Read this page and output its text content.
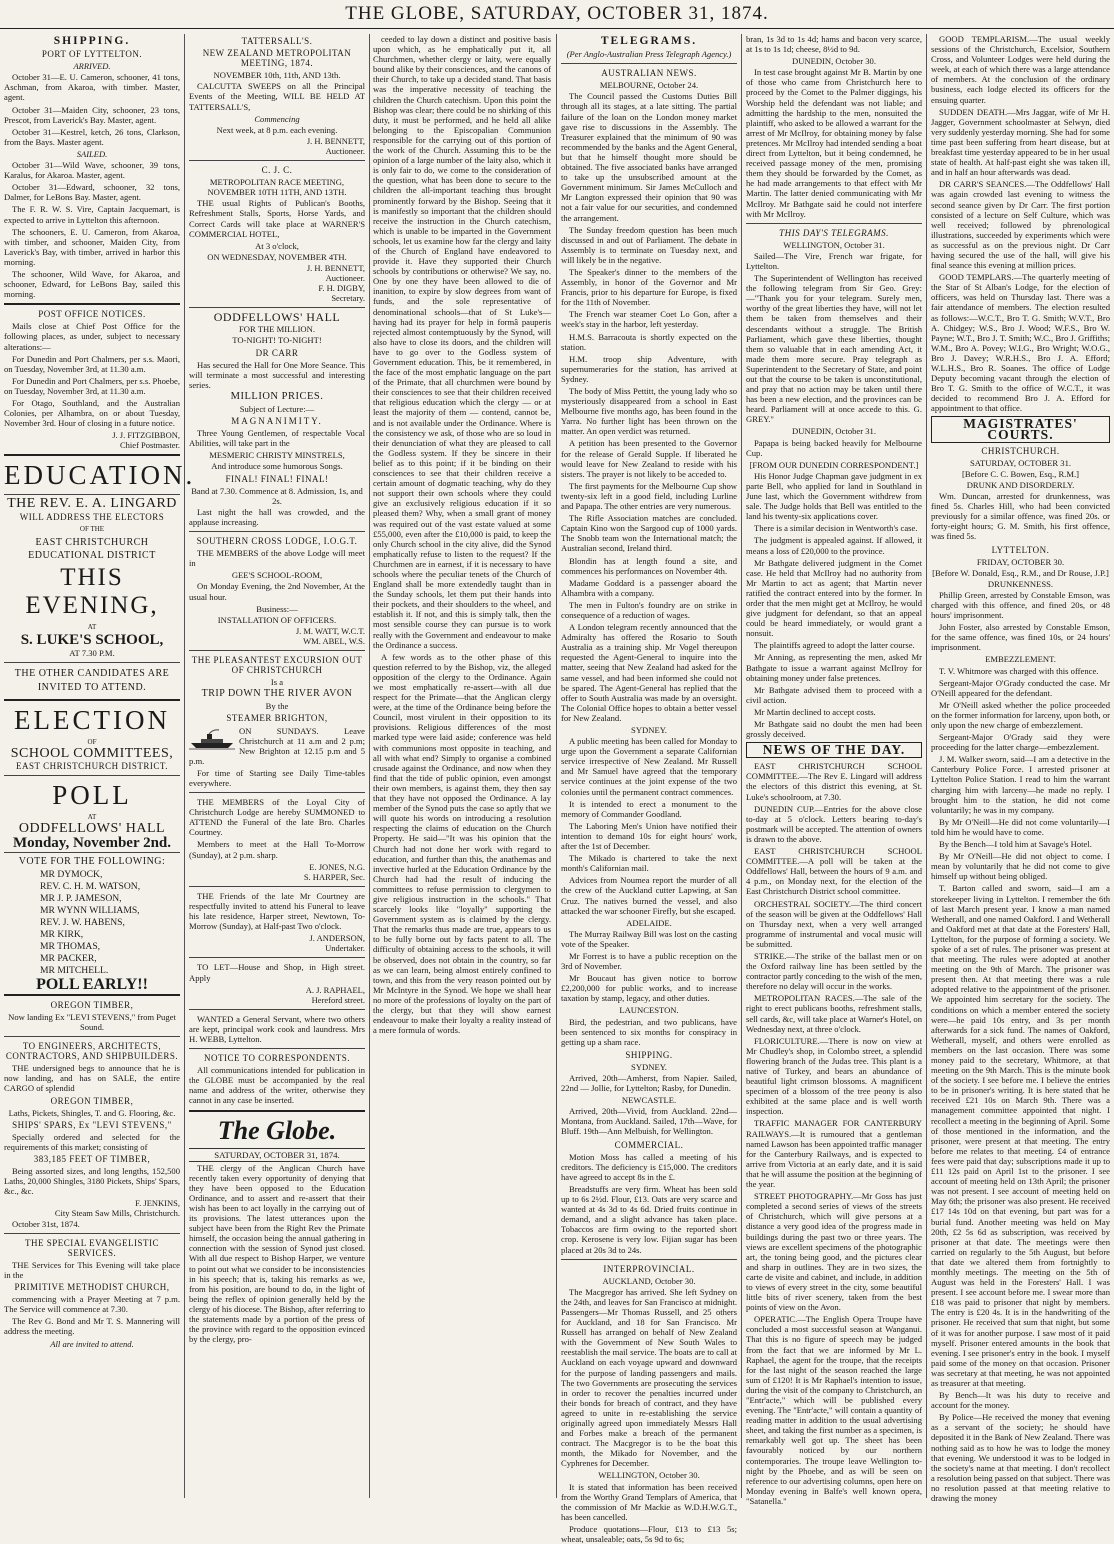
THE GLOBE, SATURDAY, OCTOBER 31, 1874.
SHIPPING.
PORT OF LYTTELTON.
ARRIVED.

October 31—E. U. Cameron, schooner, 41 tons, Aschman, from Akaroa, with timber. Master, agent.

October 31—Maiden City, schooner, 23 tons, Prescot, from Laverick's Bay. Master, agent.

October 31—Kestrel, ketch, 26 tons, Clarkson, from the Bays. Master agent.

SAILED.

October 31—Wild Wave, schooner, 39 tons, Karalus, for Akaroa. Master, agent.

October 31—Edward, schooner, 32 tons, Dalmer, for LeBons Bay. Master, agent.

The F. R. W. S. Vire, Captain Jacquemart, is expected to arrive in Lyttelton this afternoon.

The schooners, E. U. Cameron, from Akaroa, with timber, and schooner, Maiden City, from Laverick's Bay, with timber, arrived in harbor this morning.

The schooner, Wild Wave, for Akaroa, and schooner, Edward, for LeBons Bay, sailed this morning.

POST OFFICE NOTICES.

Mails close at Chief Post Office for the following places, as under, subject to necessary alterations:—

For Dunedin and Port Chalmers, per s.s. Maori, on Tuesday, November 3rd, at 11.30 a.m.

For Dunedin and Port Chalmers, per s.s. Phoebe, on Tuesday, November 3rd, at 11.30 a.m.

For Otago, Southland, and the Australian Colonies, per Alhambra, on or about Tuesday, November 3rd. Hour of closing in a future notice.

J. J. FITZGIBBON,
Chief Postmaster.
EDUCATION.
THE REV. E. A. LINGARD
WILL ADDRESS THE ELECTORS
OF THE
EAST CHRISTCHURCH EDUCATIONAL DISTRICT
THIS EVENING,
AT
S. LUKE'S SCHOOL,
AT 7.30 P.M.
THE OTHER CANDIDATES ARE INVITED TO ATTEND.
ELECTION
OF
SCHOOL COMMITTEES,
EAST CHRISTCHURCH DISTRICT.
POLL
AT
ODDFELLOWS' HALL
Monday, November 2nd.
VOTE FOR THE FOLLOWING:
MR DYMOCK,
REV. C. H. M. WATSON,
MR J. P. JAMESON,
MR WYNN WILLIAMS,
REV. J. W. HABENS,
MR KIRK,
MR THOMAS,
MR PACKER,
MR MITCHELL.
POLL EARLY!!
OREGON TIMBER,
Now landing Ex "LEVI STEVENS," from Puget Sound.
TO ENGINEERS, ARCHITECTS, CONTRACTORS, AND SHIPBUILDERS.

THE undersigned begs to announce that he is now landing, and has on SALE, the entire CARGO of splendid

OREGON TIMBER,
Laths, Pickets, Shingles, T. and G. Flooring, &c.
SHIPS' SPARS, Ex "LEVI STEVENS,"

Specially ordered and selected for the requirements of this market; consisting of

383,185 FEET OF TIMBER,

Being assorted sizes, and long lengths, 152,500 Laths, 20,000 Shingles, 3180 Pickets, Ships' Spars, &c., &c.

F. JENKINS,
City Steam Saw Mills, Christchurch.

October 31st, 1874.

THE SPECIAL EVANGELISTIC SERVICES.

THE Services for This Evening will take place in the

PRIMITIVE METHODIST CHURCH,

commencing with a Prayer Meeting at 7 p.m. The Service will commence at 7.30.

The Rev G. Bond and Mr T. S. Mannering will address the meeting.

All are invited to attend.
TATTERSALL'S.
NEW ZEALAND METROPOLITAN MEETING, 1874.
NOVEMBER 10th, 11th, AND 13th.

CALCUTTA SWEEPS on all the Principal Events of the Meeting, WILL BE HELD AT TATTERSALL'S,

Commencing
Next week, at 8 p.m. each evening.
J. H. BENNETT,
Auctioneer.
C. J. C.
METROPOLITAN RACE MEETING, NOVEMBER 10TH 11TH, AND 13TH.

THE usual Rights of Publican's Booths, Refreshment Stalls, Sports, Horse Yards, and Correct Cards will take place at WARNER'S COMMERCIAL HOTEL,

At 3 o'clock,
ON WEDNESDAY, NOVEMBER 4TH.
J. H. BENNETT,
Auctioneer.
F. H. DIGBY,
Secretary.
ODDFELLOWS' HALL
FOR THE MILLION.
TO-NIGHT! TO-NIGHT!
DR CARR

Has secured the Hall for One More Seance. This will terminate a most successful and interesting series.

MILLION PRICES.
Subject of Lecture:—
MAGNANIMITY.

Three Young Gentlemen, of respectable Vocal Abilities, will take part in the

MESMERIC CHRISTY MINSTRELS,
And introduce some humorous Songs.
FINAL! FINAL! FINAL!
Band at 7.30. Commence at 8. Admission, 1s, and 2s.

Last night the hall was crowded, and the applause increasing.

SOUTHERN CROSS LODGE, I.O.G.T.

THE MEMBERS of the above Lodge will meet in

GEE'S SCHOOL-ROOM,

On Monday Evening, the 2nd November, At the usual hour.

Business:—
INSTALLATION OF OFFICERS.
J. M. WATT, W.C.T.
WM. ABEL, W.S.
THE PLEASANTEST EXCURSION OUT OF CHRISTCHURCH
Is a
TRIP DOWN THE RIVER AVON
By the
STEAMER BRIGHTON,

ON SUNDAYS. Leave Christchurch at 11 a.m and 2 p.m; New Brighton at 12.15 p.m and 5 p.m.

For time of Starting see Daily Time-tables everywhere.

THE MEMBERS of the Loyal City of Christchurch Lodge are hereby SUMMONED to ATTEND the Funeral of the late Bro. Charles Courtney.

Members to meet at the Hall To-Morrow (Sunday), at 2 p.m. sharp.

E. JONES, N.G.
S. HARPER, Sec.

THE Friends of the late Mr Courtney are respectfully invited to attend his Funeral to leave his late residence, Harper street, Newtown, To-Morrow (Sunday), at Half-past Two o'clock.

J. ANDERSON,
Undertaker.

TO LET—House and Shop, in High street. Apply

A. J. RAPHAEL,
Hereford street.

WANTED a General Servant, where two others are kept, principal work cook and laundress. Mrs H. WEBB, Lyttelton.

NOTICE TO CORRESPONDENTS.

All communications intended for publication in the GLOBE must be accompanied by the real name and address of the writer, otherwise they cannot in any case be inserted.

The Globe.
SATURDAY, OCTOBER 31, 1874.

THE clergy of the Anglican Church have recently taken every opportunity of denying that they have been opposed to the Education Ordinance, and to assert and re-assert that their wish has been to act loyally in the carrying out of its provisions. The latest utterances upon the subject have been from the Right Rev the Primate himself, the occasion being the annual gathering in connection with the session of Synod just closed. With all due respect to Bishop Harper, we venture to point out what we consider to be inconsistencies in his speech; that is, taking his remarks as we, from his position, are bound to do, in the light of being the reflex of opinion generally held by the clergy of his diocese. The Bishop, after referring to the statements made by a portion of the press of the province with regard to the opposition evinced by the clergy, pro-

ceeded to lay down a distinct and positive basis upon which, as he emphatically put it, all Churchmen, whether clergy or laity, were equally bound alike by their consciences, and the canons of their Church, to take up a decided stand. That basis was the imperative necessity of teaching the children the Church catechism. Upon this point the Bishop was clear; there could be no shirking of this duty, it must be performed, and he held all alike belonging to the Episcopalian Communion responsible for the carrying out of this portion of the work of the Church. Assuming this to be the opinion of a large number of the laity also, which it is only fair to do, we come to the consideration of the question, what has been done to secure to the children the all-important teaching thus brought prominently forward by the Bishop. Seeing that it is manifestly so important that the children should receive the instruction in the Church catechism, which is unable to be imparted in the Government schools, let us examine how far the clergy and laity of the Church of England have endeavored to provide it. Have they supported their Church schools by contributions or otherwise? We say, no. One by one they have been allowed to die of inanition, to expire by slow degrees from want of funds, and the sole representative of denominational schools—that of St Luke's—having had its prayer for help in formâ pauperis rejected almost contemptuously by the Synod, will also have to close its doors, and the children will have to go over to the Godless system of Government education. This, be it remembered, in the face of the most emphatic language on the part of the Primate, that all churchmen were bound by their consciences to see that their children received that religious education which the clergy — or at least the majority of them — contend, cannot be, and is not available under the Ordinance. Where is the consistency we ask, of those who are so loud in their denunciation of what they are pleased to call the Godless system. If they be sincere in their belief as to this point; if it be binding on their consciences to see that their children receive a certain amount of dogmatic teaching, why do they not support their own schools where they could give an exclusively religious education if it so pleased them? Why, when a small grant of money was required out of the vast estate valued at some £55,000, even after the £10,000 is paid, to keep the only Church school in the city alive, did the Synod emphatically refuse to listen to the request? If the Churchmen are in earnest, if it is necessary to have schools where the peculiar tenets of the Church of England shall be more extendedly taught than in the Sunday schools, let them put their hands into their pockets, and their shoulders to the wheel, and establish it. If not, and this is simply talk, then the most sensible course they can pursue is to work really with the Government and endeavour to make the Ordinance a success.

A few words as to the other phase of this question referred to by the Bishop, viz, the alleged opposition of the clergy to the Ordinance. Again we most emphatically re-assert—with all due respect for the Primate—that the Anglican clergy were, at the time of the Ordinance being before the Council, most virulent in their opposition to its provisions. Religious differences of the most marked type were laid aside; conference was held with communions most opposite in teaching, and all with what end? Simply to organise a combined crusade against the Ordinance, and now when they find that the tide of public opinion, even amongst their own members, is against them, they then say that they have not opposed the Ordinance. A lay member of the Synod puts the case so aptly that we will quote his words on introducing a resolution respecting the claims of education on the Church Property. He said—"It was his opinion that the Church had not done her work with regard to education, and further than this, the anathemas and invective hurled at the Education Ordinance by the Church had had the result of inducing the committees to refuse permission to clergymen to give religious instruction in the schools." That scarcely looks like "loyally" supporting the Government system as is claimed by the clergy. That the remarks thus made are true, appears to us to be fully borne out by facts patent to all. The difficulty of obtaining access to the schools, it will be observed, does not obtain in the country, so far as we can learn, being almost entirely confined to town, and this from the very reason pointed out by Mr McIntyre in the Synod. We hope we shall hear no more of the professions of loyalty on the part of the clergy, but that they will show earnest endeavour to make their loyalty a reality instead of a mere formula of words.

TELEGRAMS.
(Per Anglo-Australian Press Telegraph Agency.)
AUSTRALIAN NEWS.
MELBOURNE, October 24.

The Council passed the Customs Duties Bill through all its stages, at a late sitting. The partial failure of the loan on the London money market gave rise to discussions in the Assembly. The Treasurer explained that the minimum of 90 was recommended by the banks and the Agent General, but that he himself thought more should be obtained. The five associated banks have arranged to take up the unsubscribed amount at the Government minimum. Sir James McCulloch and Mr Langton expressed their opinion that 90 was not a fair value for our securities, and condemned the arrangement.

The Sunday freedom question has been much discussed in and out of Parliament. The debate in Assembly is to terminate on Tuesday next, and will likely be in the negative.

The Speaker's dinner to the members of the Assembly, in honor of the Governor and Mr Francis, prior to his departure for Europe, is fixed for the 11th of November.

The French war steamer Coet Lo Gon, after a week's stay in the harbor, left yesterday.

H.M.S. Barracouta is shortly expected on the station.

H.M. troop ship Adventure, with supernumeraries for the station, has arrived at Sydney.

The body of Miss Pettitt, the young lady who so mysteriously disappeared from a school in East Melbourne five months ago, has been found in the Yarra. No further light has been thrown on the matter. An open verdict was returned.

A petition has been presented to the Governor for the release of Gerald Supple. If liberated he would leave for New Zealand to reside with his sisters. The prayer is not likely to be acceded to.

The first payments for the Melbourne Cup show twenty-six left in a good field, including Lurline and Papapa. The other entries are very numerous.

The Rifle Association matches are concluded. Captain Kino won the Sargood cup of 1000 yards. The Snobb team won the International match; the Australian second, Ireland third.

Blondin has at length found a site, and commences his performances on November 4th.

Madame Goddard is a passenger aboard the Alhambra with a company.

The men in Fulton's foundry are on strike in consequence of a reduction of wages.

A London telegram recently announced that the Admiralty has offered the Rosario to South Australia as a training ship. Mr Vogel thereupon requested the Agent-General to inquire into the matter, seeing that New Zealand had asked for the same vessel, and had been informed she could not be spared. The Agent-General has replied that the offer to South Australia was made by an oversight. The Colonial Office hopes to obtain a better vessel for New Zealand.

SYDNEY.

A public meeting has been called for Monday to urge upon the Government a separate Californian service irrespective of New Zealand. Mr Russell and Mr Samuel have agreed that the temporary service continues at the joint expense of the two colonies until the permanent contract commences.

It is intended to erect a monument to the memory of Commander Goodland.

The Laboring Men's Union have notified their intention to demand 10s for eight hours' work, after the 1st of December.

The Mikado is chartered to take the next month's Californian mail.

Advices from Noumea report the murder of all the crew of the Auckland cutter Lapwing, at San Cruz. The natives burned the vessel, and also attacked the war schooner Firefly, but she escaped.

ADELAIDE.

The Murray Railway Bill was lost on the casting vote of the Speaker.

Mr Forrest is to have a public reception on the 3rd of November.

Mr Boucaut has given notice to borrow £2,200,000 for public works, and to increase taxation by stamp, legacy, and other duties.

LAUNCESTON.

Bird, the pedestrian, and two publicans, have been sentenced to six months for conspiracy in getting up a sham race.

SHIPPING.
SYDNEY.

Arrived, 20th—Amherst, from Napier. Sailed, 22nd — Jollie, for Lyttelton; Rasby, for Dunedin.

NEWCASTLE.

Arrived, 20th—Vivid, from Auckland. 22nd—Montana, from Auckland. Sailed, 17th—Wave, for Bluff. 19th—Ann Melbuish, for Wellington.

COMMERCIAL.

Motion Moss has called a meeting of his creditors. The deficiency is £15,000. The creditors have agreed to accept 8s in the £.

Breadstuffs are very firm. Wheat has been sold up to 6s 2½d. Flour, £13. Oats are very scarce and wanted at 4s 3d to 4s 6d. Dried fruits continue in demand, and a slight advance has taken place. Tobaccos are firm owing to the reported short crop. Kerosene is very low. Fijian sugar has been placed at 20s 3d to 24s.

INTERPROVINCIAL.
AUCKLAND, October 30.

The Macgregor has arrived. She left Sydney on the 24th, and leaves for San Francisco at midnight. Passengers—Mr Thomas Russell, and 25 others for Auckland, and 18 for San Francisco. Mr Russell has arranged on behalf of New Zealand with the Government of New South Wales to reestablish the mail service. The boats are to call at Auckland on each voyage upward and downward for the purpose of landing passengers and mails. The two Governments are prosecuting the services in order to recover the penalties incurred under their bonds for breach of contract, and they have agreed to unite in re-establishing the service originally agreed upon immediately Messrs Hall and Forbes make a breach of the permanent contract. The Macgregor is to be the boat this month, the Mikado for November, and the Cyphrenes for December.

WELLINGTON, October 30.

It is stated that information has been received from the Worthy Grand Templars of America, that the commission of Mr Mackie as W.D.H.W.G.T., has been cancelled.

Produce quotations—Flour, £13 to £13 5s; wheat, unsaleable; oats, 5s 9d to 6s;

bran, 1s 3d to 1s 4d; hams and bacon very scarce, at 1s to 1s 1d; cheese, 8½d to 9d.

DUNEDIN, October 30.

In test case brought against Mr B. Martin by one of those who came from Christchurch here to proceed by the Comet to the Palmer diggings, his Worship held the defendant was not liable; and admitting the hardship to the men, nonsuited the plaintiff, who asked to be allowed a warrant for the arrest of Mr McIlroy, for obtaining money by false pretences. Mr McIlroy had intended sending a boat direct from Lyttelton, but it being condemned, he received passage money of the men, promising them they should be forwarded by the Comet, as he had made arrangements to that effect with Mr Martin. The latter denied communicating with Mr McIlroy. Mr Bathgate said he could not interfere with Mr McIlroy.

THIS DAY'S TELEGRAMS.
WELLINGTON, October 31.

Sailed—The Vire, French war frigate, for Lyttelton.

The Superintendent of Wellington has received the following telegram from Sir Geo. Grey:—"Thank you for your telegram. Surely men, worthy of the great liberties they have, will not let them be taken from themselves and their descendants without a struggle. The British Parliament, which gave these liberties, thought them so valuable that in each amending Act, it made them more secure. Pray telegraph as Superintendent to the Secretary of State, and point out that the course to be taken is unconstitutional, and pray that no action may be taken until there has been a new election, and the provinces can be heard. Parliament will at once accede to this. G. GREY."

DUNEDIN, October 31.

Papapa is being backed heavily for Melbourne Cup.

[FROM OUR DUNEDIN CORRESPONDENT.]

His Honor Judge Chapman gave judgment in ex parte Bell, who applied for land in Southland in June last, which the Government withdrew from sale. The Judge holds that Bell was entitled to the land his twenty-six applications cover.

There is a similar decision in Wentworth's case.

The judgment is appealed against. If allowed, it means a loss of £20,000 to the province.

Mr Bathgate delivered judgment in the Comet case. He held that McIlroy had no authority from Mr Martin to act as agent; that Martin never ratified the contract entered into by the former. In order that the men might get at McIlroy, he would give judgment for defendant, so that an appeal could be heard immediately, or would grant a nonsuit.

The plaintiffs agreed to adopt the latter course.

Mr Anning, as representing the men, asked Mr Bathgate to issue a warrant against McIlroy for obtaining money under false pretences.

Mr Bathgate advised them to proceed with a civil action.

Mr Martin declined to accept costs.

Mr Bathgate said no doubt the men had been grossly deceived.

NEWS OF THE DAY.

EAST CHRISTCHURCH SCHOOL COMMITTEE.—The Rev E. Lingard will address the electors of this district this evening, at St. Luke's schoolroom, at 7.30.

DUNEDIN CUP.—Entries for the above close to-day at 5 o'clock. Letters bearing to-day's postmark will be accepted. The attention of owners is drawn to the above.

EAST CHRISTCHURCH SCHOOL COMMITTEE.—A poll will be taken at the Oddfellows' Hall, between the hours of 9 a.m. and 4 p.m., on Monday next, for the election of the East Christchurch District school committee.

ORCHESTRAL SOCIETY.—The third concert of the season will be given at the Oddfellows' Hall on Thursday next, when a very well arranged programme of instrumental and vocal music will be submitted.

STRIKE.—The strike of the ballast men or on the Oxford railway line has been settled by the contractor partly conceding to the wish of the men, therefore no delay will occur in the works.

METROPOLITAN RACES.—The sale of the right to erect publicans booths, refreshment stalls, sell cards, &c, will take place at Warner's Hotel, on Wednesday next, at three o'clock.

FLORICULTURE.—There is now on view at Mr Chudley's shop, in Colombo street, a splendid flowering branch of the Judas tree. This plant is a native of Turkey, and bears an abundance of beautiful light crimson blossoms. A magnificent specimen of a blossom of the tree peony is also exhibited at the same place and is well worth inspection.

TRAFFIC MANAGER FOR CANTERBURY RAILWAYS.—It is rumoured that a gentleman named Lawson has been appointed traffic manager for the Canterbury Railways, and is expected to arrive from Victoria at an early date, and it is said that he will assume the position at the beginning of the year.

STREET PHOTOGRAPHY.—Mr Goss has just completed a second series of views of the streets of Christchurch, which will give persons at a distance a very good idea of the progress made in buildings during the past two or three years. The views are excellent specimens of the photographic art, the toning being good, and the pictures clear and sharp in outlines. They are in two sizes, the carte de visite and cabinet, and include, in addition to views of every street in the city, some beautiful little bits of river scenery, taken from the best points of view on the Avon.

OPERATIC.—The English Opera Troupe have concluded a most successful season at Wanganui. That this is no figure of speech may be judged from the fact that we are informed by Mr L. Raphael, the agent for the troupe, that the receipts for the last night of the season reached the large sum of £120! It is Mr Raphael's intention to issue, during the visit of the company to Christchurch, an "Entr'acte," which will be published every evening. The "Entr'acte," will contain a quantity of reading matter in addition to the usual advertising sheet, and taking the first number as a specimen, is remarkably well got up. The sheet has been favourably noticed by our northern contemporaries. The troupe leave Wellington to-night by the Phoebe, and as will be seen on reference to our advertising columns, open here on Monday evening in Balfe's well known opera, "Satanella."

GOOD TEMPLARISM.—The usual weekly sessions of the Christchurch, Excelsior, Southern Cross, and Volunteer Lodges were held during the week, at each of which there was a large attendance of members. At the conclusion of the ordinary business, each lodge elected its officers for the ensuing quarter.

SUDDEN DEATH.—Mrs Jaggar, wife of Mr H. Jagger, Government schoolmaster at Selwyn, died very suddenly yesterday morning. She had for some time past been suffering from heart disease, but at breakfast time yesterday appeared to be in her usual state of health. At half-past eight she was taken ill, and in half an hour afterwards was dead.

DR CARR'S SEANCES.—The Oddfellows' Hall was again crowded last evening to witness the second seance given by Dr Carr. The first portion consisted of a lecture on Self Culture, which was well received; followed by phrenological illustrations, succeeded by experiments which were as successful as on the previous night. Dr Carr having secured the use of the hall, will give his final seance this evening at million prices.

GOOD TEMPLARS.—The quarterly meeting of the Star of St Alban's Lodge, for the election of officers, was held on Thursday last. There was a fair attendance of members. The election resulted as follows:—W.C.T., Bro T. G. Smith; W.V.T., Bro A. Chidgey; W.S., Bro J. Wood; W.F.S., Bro W. Payne; W.T., Bro J. T. Smith; W.C., Bro J. Griffiths; W.M., Bro A. Povey; W.I.G., Bro Wright; W.O.G., Bro J. Davey; W.R.H.S., Bro J. A. Efford; W.L.H.S., Bro R. Soanes. The office of Lodge Deputy becoming vacant through the election of Bro T. G. Smith to the office of W.C.T., it was decided to recommend Bro J. A. Efford for appointment to that office.

MAGISTRATES' COURTS.
CHRISTCHURCH.
SATURDAY, OCTOBER 31.
[Before C. C. Bowen, Esq., R.M.]
DRUNK AND DISORDERLY.

Wm. Duncan, arrested for drunkenness, was fined 5s. Charles Hill, who had been convicted previously for a similar offence, was fined 20s. or forty-eight hours; G. M. Smith, his first offence, was fined 5s.

LYTTELTON.
FRIDAY, OCTOBER 30.
[Before W. Donald, Esq., R.M., and Dr Rouse, J.P.]
DRUNKENNESS.

Phillip Green, arrested by Constable Emson, was charged with this offence, and fined 20s, or 48 hours' imprisonment.

John Foster, also arrested by Constable Emson, for the same offence, was fined 10s, or 24 hours' imprisonment.

EMBEZZLEMENT.

T. V. Whitmore was charged with this offence.

Sergeant-Major O'Grady conducted the case. Mr O'Neill appeared for the defendant.

Mr O'Neill asked whether the police proceeded on the former information for larceny, upon both, or only upon the new charge of embezzlement.

Sergeant-Major O'Grady said they were proceeding for the latter charge—embezzlement.

J. M. Walker sworn, said—I am a detective in the Canterbury Police Force. I arrested prisoner at Lyttelton Police Station. I read to him the warrant charging him with larceny—he made no reply. I brought him to the station, he did not come voluntarily; he was in my company.

By Mr O'Neill—He did not come voluntarily—I told him he would have to come.

By the Bench—I told him at Savage's Hotel.

By Mr O'Neill—He did not object to come. I mean by voluntarily that he did not come to give himself up without being obliged.

T. Barton called and sworn, said—I am a storekeeper living in Lyttelton. I remember the 6th of last March present year. I know a man named Wetherall, and one named Oakford. I and Wetherall and Oakford met at that date at the Foresters' Hall, Lyttelton, for the purpose of forming a society. We spoke of a set of rules. The prisoner was present at that meeting. The rules were adopted at another meeting on the 9th of March. The prisoner was present then. At that meeting there was a rule adopted relative to the appointment of the prisoner. We appointed him secretary for the society. The conditions on which a member entered the society were—he paid 10s entry, and 3s per month afterwards for a sick fund. The names of Oakford, Wetherall, myself, and others were enrolled as members on the last occasion. There was some money paid to the secretary, Whitmore, at that meeting on the 9th March. This is the minute book of the society. I see before me. I believe the entries to be in prisoner's writing. It is here stated that he received £21 10s on March 9th. There was a management committee appointed that night. I recollect a meeting in the beginning of April. Some of those mentioned in the information, and the prisoner, were present at that meeting. The entry before me relates to that meeting. £4 of entrance fees were paid that day; subscriptions made it up to £11 12s paid on April 1st to the prisoner. I see account of meeting held on 13th April; the prisoner was not present. I see account of meeting held on May 6th; the prisoner was also present. He received £17 14s 10d on that evening, but part was for a burial fund. Another meeting was held on May 20th, £2 5s 6d as subscription, was received by prisoner at that date. The meetings were then carried on regularly to the 5th August, but before that date we altered them from fortnightly to monthly meetings. The meeting on the 5th of August was held in the Foresters' Hall. I was present. I see account before me. I swear more than £18 was paid to prisoner that night by members. The entry is £20 4s. It is in the handwriting of the prisoner. He received that sum that night, but some of it was for another purpose. I saw most of it paid myself. Prisoner entered amounts in the book that evening. I see prisoner's entry in the book. I myself paid some of the money on that occasion. Prisoner was secretary at that meeting, he was not appointed as treasurer at that meeting.

By Bench—It was his duty to receive and account for the money.

By Police—He received the money that evening as a servant of the society; he should have deposited it in the Bank of New Zealand. There was nothing said as to how he was to lodge the money that evening. We understood it was to be lodged in the society's name at that meeting. I don't recollect a resolution being passed on that subject. There was no resolution passed at that meeting relative to drawing the money
